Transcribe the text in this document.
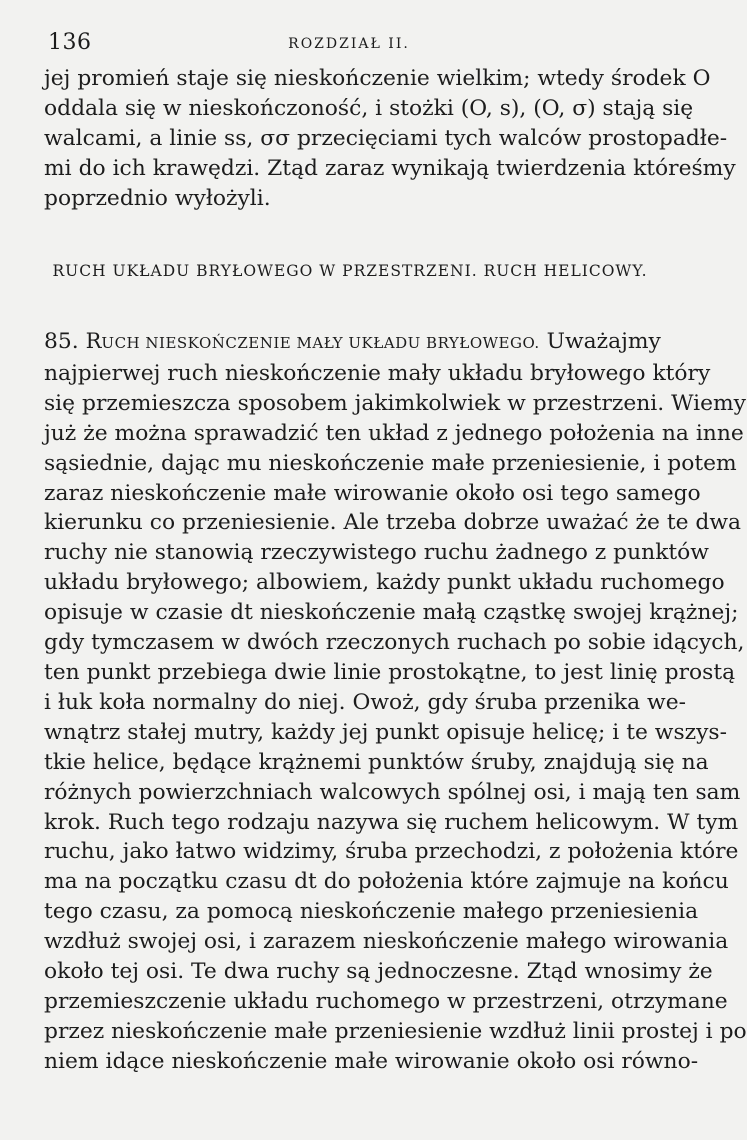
136	ROZDZIAŁ II.
jej promień staje się nieskończenie wielkim; wtedy środek O
oddala się w nieskończoność, i stożki (O, s), (O, σ) stają się
walcami, a linie ss, σσ przecięciami tych walców prostopadłe-
mi do ich krawędzi. Ztąd zaraz wynikają twierdzenia któreśmy
poprzednio wyłożyli.
RUCH UKŁADU BRYŁOWEGO W PRZESTRZENI. RUCH HELICOWY.
85. RUCH NIESKOŃCZENIE MAŁY UKŁADU BRYŁOWEGO. Uważajmy
najpierwej ruch nieskończenie mały układu bryłowego który
się przemieszcza sposobem jakimkolwiek w przestrzeni. Wiemy
już że można sprawadzić ten układ z jednego położenia na inne
sąsiednie, dając mu nieskończenie małe przeniesienie, i potem
zaraz nieskończenie małe wirowanie około osi tego samego
kierunku co przeniesienie. Ale trzeba dobrze uważać że te dwa
ruchy nie stanowią rzeczywistego ruchu żadnego z punktów
układu bryłowego; albowiem, każdy punkt układu ruchomego
opisuje w czasie dt nieskończenie małą cząstkę swojej krążnej;
gdy tymczasem w dwóch rzeczonych ruchach po sobie idących,
ten punkt przebiega dwie linie prostokątne, to jest linię prostą
i łuk koła normalny do niej. Owoż, gdy śruba przenika we-
wnątrz stałej mutry, każdy jej punkt opisuje helicę; i te wszys-
tkie helice, będące krążnemi punktów śruby, znajdują się na
różnych powierzchniach walcowych spólnej osi, i mają ten sam
krok. Ruch tego rodzaju nazywa się ruchem helicowym. W tym
ruchu, jako łatwo widzimy, śruba przechodzi, z położenia które
ma na początku czasu dt do położenia które zajmuje na końcu
tego czasu, za pomocą nieskończenie małego przeniesienia
wzdłuż swojej osi, i zarazem nieskończenie małego wirowania
około tej osi. Te dwa ruchy są jednoczesne. Ztąd wnosimy że
przemieszczenie układu ruchomego w przestrzeni, otrzymane
przez nieskończenie małe przeniesienie wzdłuż linii prostej i po
niem idące nieskończenie małe wirowanie około osi równo-
